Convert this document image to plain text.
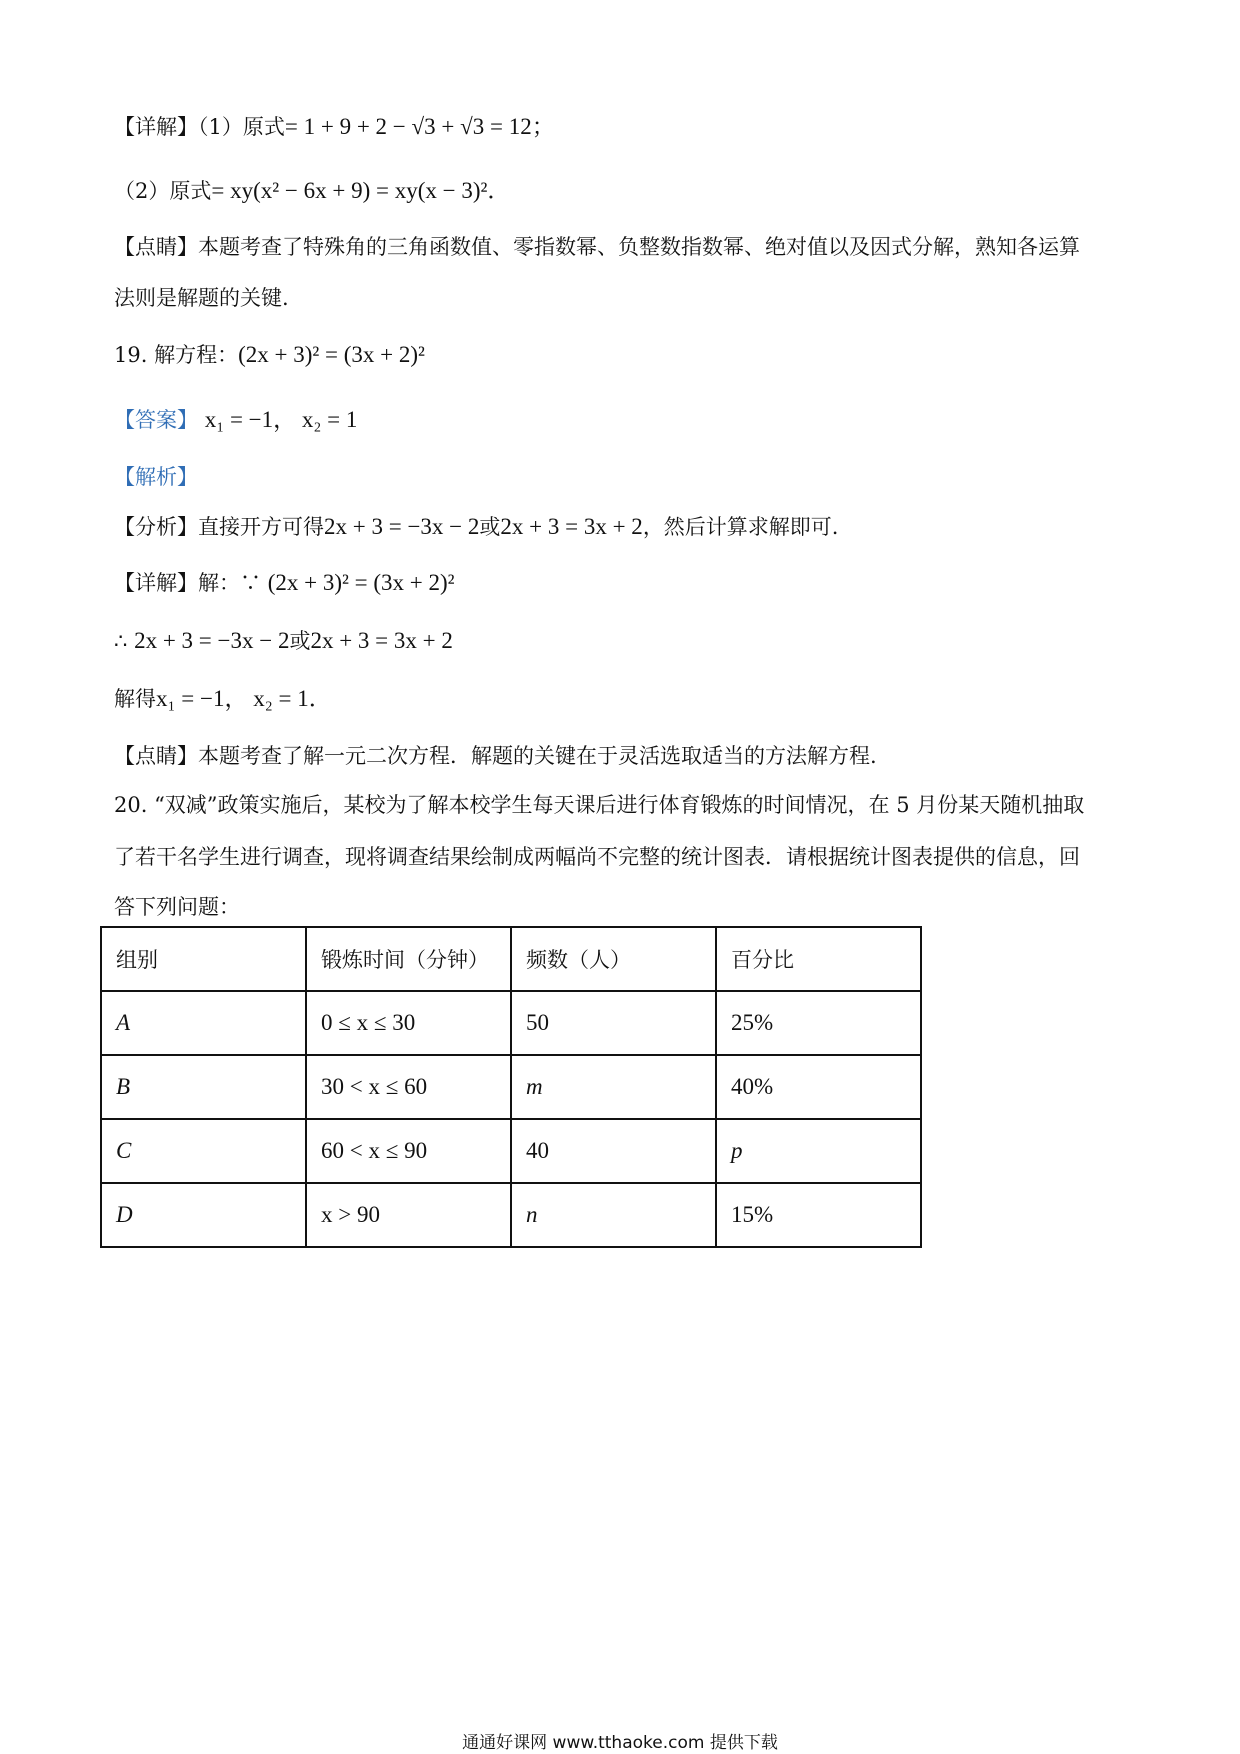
【详解】（1）原式= 1 + 9 + 2 − √3 + √3 = 12；
（2）原式= xy(x² − 6x + 9) = xy(x − 3)²．
【点睛】本题考查了特殊角的三角函数值、零指数幂、负整数指数幂、绝对值以及因式分解，熟知各运算
法则是解题的关键.
19. 解方程：(2x + 3)² = (3x + 2)²
【答案】 x₁ = −1， x₂ = 1
【解析】
【分析】直接开方可得2x + 3 = −3x − 2或2x + 3 = 3x + 2，然后计算求解即可.
【详解】解：∵ (2x + 3)² = (3x + 2)²
∴ 2x + 3 = −3x − 2或2x + 3 = 3x + 2
解得x₁ = −1， x₂ = 1．
【点睛】本题考查了解一元二次方程．解题的关键在于灵活选取适当的方法解方程.
20. “双减”政策实施后，某校为了解本校学生每天课后进行体育锻炼的时间情况，在 5 月份某天随机抽取
了若干名学生进行调查，现将调查结果绘制成两幅尚不完整的统计图表．请根据统计图表提供的信息，回
答下列问题：
组别	锻炼时间（分钟）	频数（人）	百分比
A	0 ≤ x ≤ 30	50	25%
B	30 < x ≤ 60	m	40%
C	60 < x ≤ 90	40	p
D	x > 90	n	15%
通通好课网 www.tthaoke.com 提供下载
